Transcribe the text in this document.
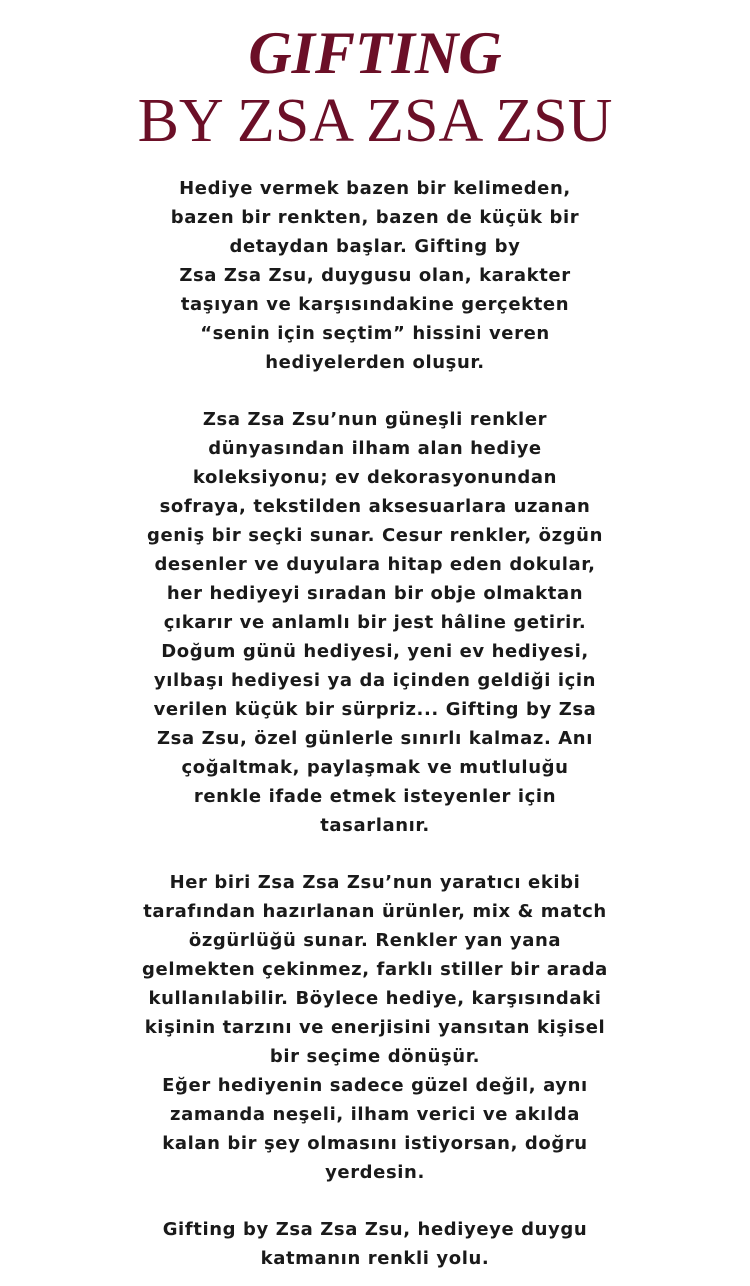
GIFTING
BY ZSA ZSA ZSU
Hediye vermek bazen bir kelimeden,
bazen bir renkten, bazen de küçük bir
detaydan başlar. Gifting by
Zsa Zsa Zsu, duygusu olan, karakter
taşıyan ve karşısındakine gerçekten
“senin için seçtim” hissini veren
hediyelerden oluşur.
Zsa Zsa Zsu’nun güneşli renkler
dünyasından ilham alan hediye
koleksiyonu; ev dekorasyonundan
sofraya, tekstilden aksesuarlara uzanan
geniş bir seçki sunar. Cesur renkler, özgün
desenler ve duyulara hitap eden dokular,
her hediyeyi sıradan bir obje olmaktan
çıkarır ve anlamlı bir jest hâline getirir.
Doğum günü hediyesi, yeni ev hediyesi,
yılbaşı hediyesi ya da içinden geldiği için
verilen küçük bir sürpriz... Gifting by Zsa
Zsa Zsu, özel günlerle sınırlı kalmaz. Anı
çoğaltmak, paylaşmak ve mutluluğu
renkle ifade etmek isteyenler için
tasarlanır.
Her biri Zsa Zsa Zsu’nun yaratıcı ekibi
tarafından hazırlanan ürünler, mix & match
özgürlüğü sunar. Renkler yan yana
gelmekten çekinmez, farklı stiller bir arada
kullanılabilir. Böylece hediye, karşısındaki
kişinin tarzını ve enerjisini yansıtan kişisel
bir seçime dönüşür.
Eğer hediyenin sadece güzel değil, aynı
zamanda neşeli, ilham verici ve akılda
kalan bir şey olmasını istiyorsan, doğru
yerdesin.
Gifting by Zsa Zsa Zsu, hediyeye duygu
katmanın renkli yolu.
